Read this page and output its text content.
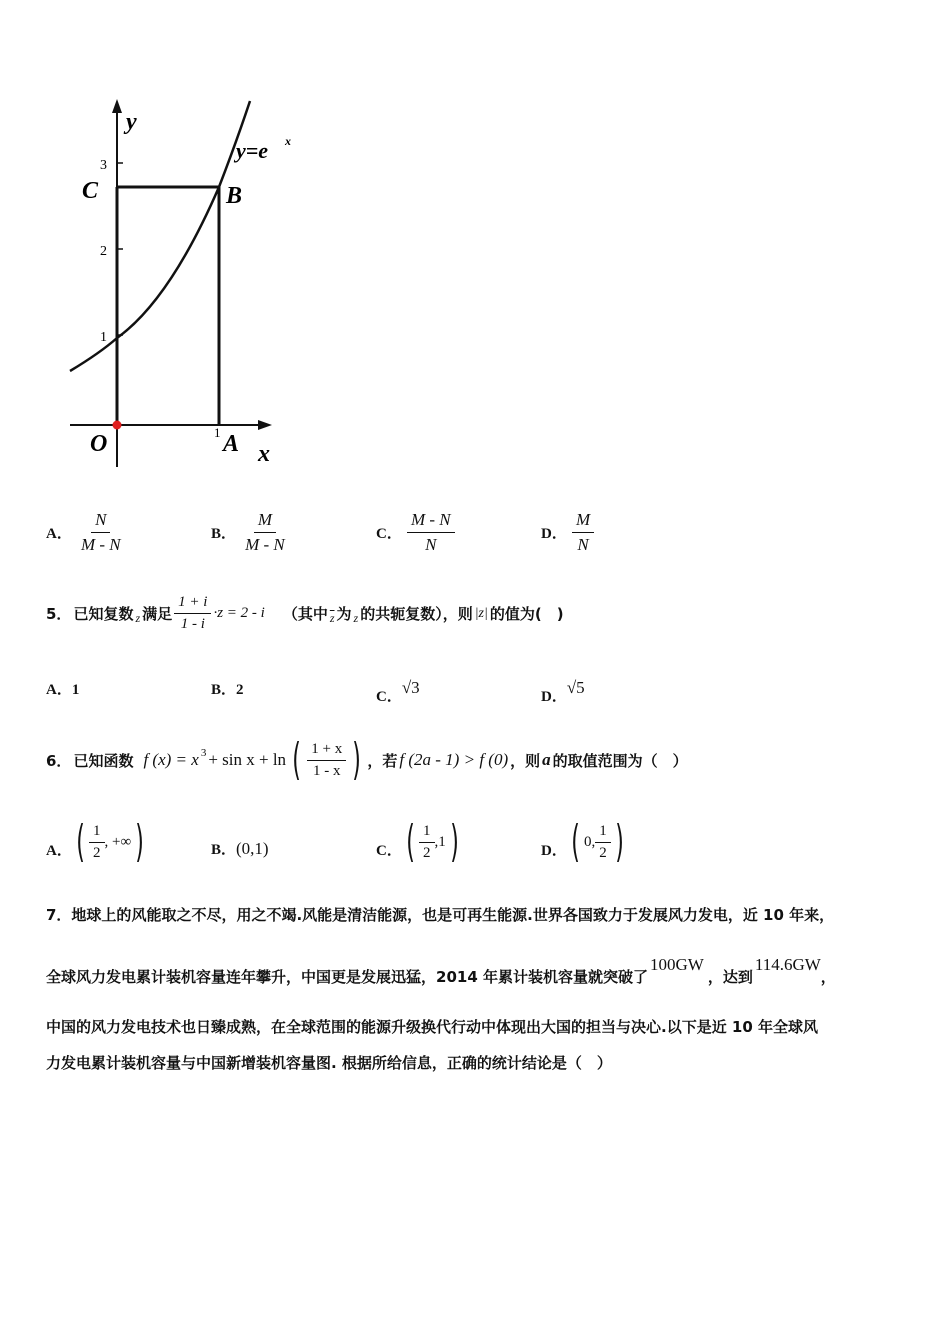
y
x
y=e x
3
2
1
1
C	B
O	A
A． $\frac{N}{M - N}$	B． $\frac{M}{M - N}$	C． $\frac{M - N}{N}$	D． $\frac{M}{N}$
5． 已知复数 z 满足 $\frac{1 + i}{1 - i} \cdot z = 2 - i$ （其中 $\overline{z}$ 为 z 的共轭复数），则 |z| 的值为(　)
A．1	B．2	C．√3	D．√5
6． 已知函数 f (x) = x 3 + sin x + ln ( $\frac{1 + x}{1 - x}$ ) ，若 f (2a - 1) > f (0) ，则 a 的取值范围为（　）
A． ( $\frac{1}{2}$ , +∞ )	B． (0,1)	C． ( $\frac{1}{2} ,1$ )	D． ( 0, $\frac{1}{2}$ )
7．地球上的风能取之不尽，用之不竭.风能是清洁能源，也是可再生能源.世界各国致力于发展风力发电，近 10 年来，
全球风力发电累计装机容量连年攀升，中国更是发展迅猛，2014 年累计装机容量就突破了
100GW
，达到
114.6GW
，
中国的风力发电技术也日臻成熟，在全球范围的能源升级换代行动中体现出大国的担当与决心.以下是近 10 年全球风
力发电累计装机容量与中国新增装机容量图. 根据所给信息，正确的统计结论是（　）
